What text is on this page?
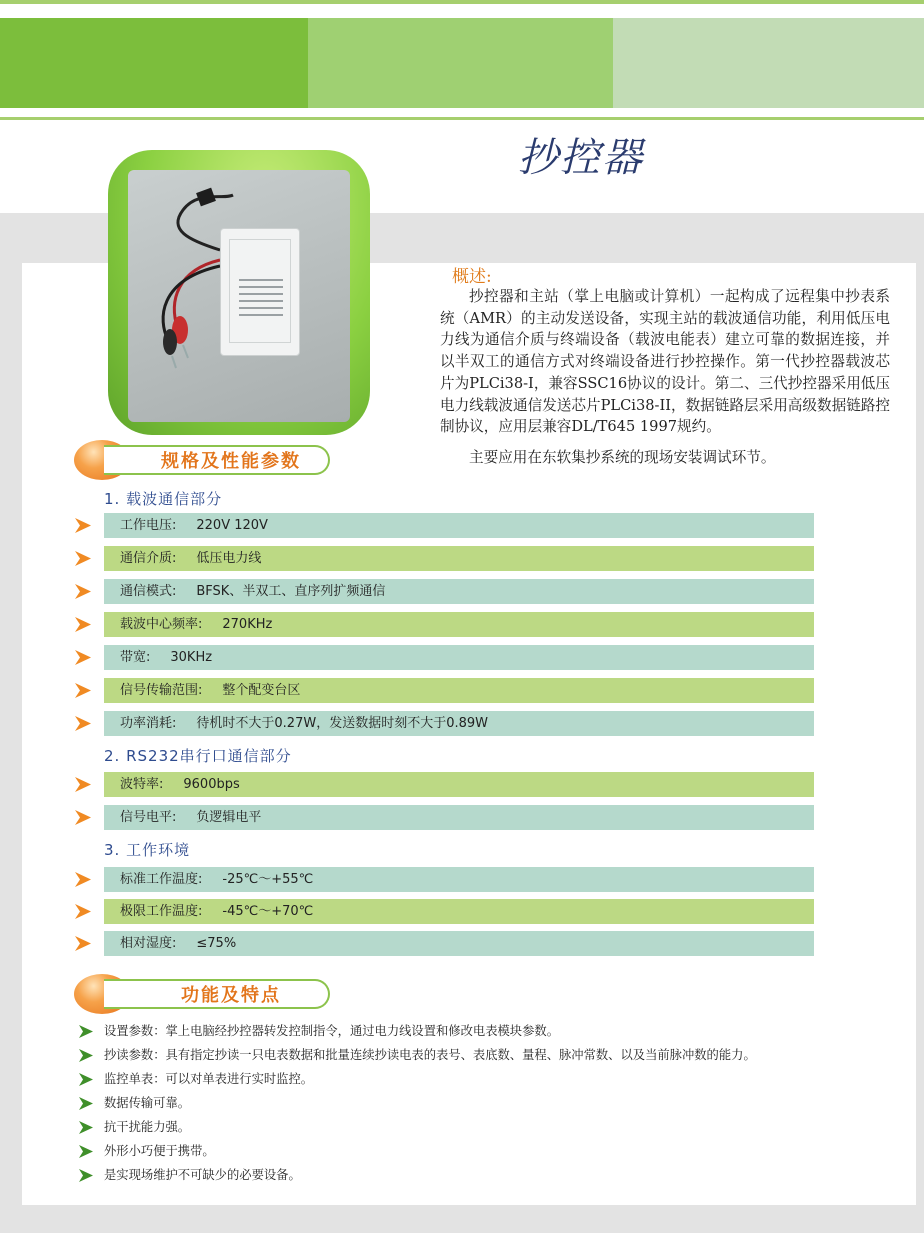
抄控器
概述:
抄控器和主站（掌上电脑或计算机）一起构成了远程集中抄表系统（AMR）的主动发送设备，实现主站的载波通信功能，利用低压电力线为通信介质与终端设备（载波电能表）建立可靠的数据连接，并以半双工的通信方式对终端设备进行抄控操作。第一代抄控器载波芯片为PLCi38-I，兼容SSC16协议的设计。第二、三代抄控器采用低压电力线载波通信发送芯片PLCi38-II，数据链路层采用高级数据链路控制协议，应用层兼容DL/T645 1997规约。
主要应用在东软集抄系统的现场安装调试环节。
规格及性能参数
1. 载波通信部分
工作电压: 220V 120V
通信介质: 低压电力线
通信模式: BFSK、半双工、直序列扩频通信
载波中心频率: 270KHz
带宽: 30KHz
信号传输范围: 整个配变台区
功率消耗: 待机时不大于0.27W，发送数据时刻不大于0.89W
2. RS232串行口通信部分
波特率: 9600bps
信号电平: 负逻辑电平
3. 工作环境
标准工作温度: -25℃～+55℃
极限工作温度: -45℃～+70℃
相对湿度: ≤75%
功能及特点
设置参数：掌上电脑经抄控器转发控制指令，通过电力线设置和修改电表模块参数。
抄读参数：具有指定抄读一只电表数据和批量连续抄读电表的表号、表底数、量程、脉冲常数、以及当前脉冲数的能力。
监控单表：可以对单表进行实时监控。
数据传输可靠。
抗干扰能力强。
外形小巧便于携带。
是实现场维护不可缺少的必要设备。
